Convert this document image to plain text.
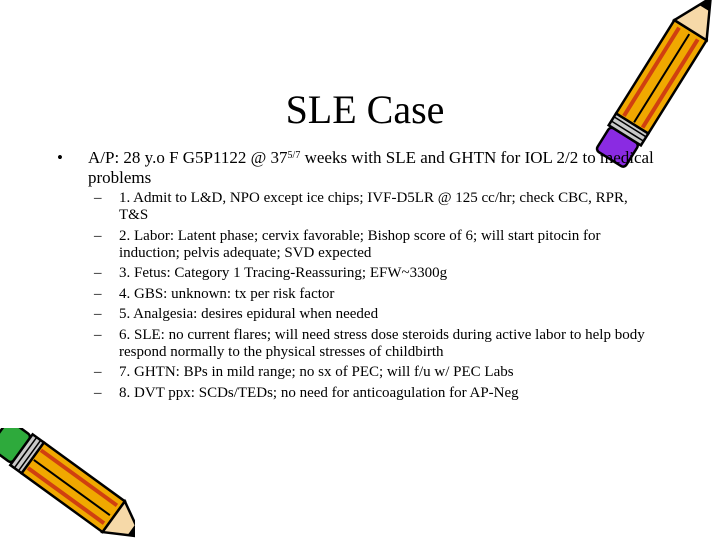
SLE Case
• A/P: 28 y.o F G5P1122 @ $37^{5/7}$ weeks with SLE and GHTN for IOL 2/2 to medical problems
– 1. Admit to L&D, NPO except ice chips; IVF-D5LR @ 125 cc/hr; check CBC, RPR, T&S
– 2. Labor: Latent phase; cervix favorable; Bishop score of 6; will start pitocin for induction; pelvis adequate; SVD expected
– 3. Fetus: Category 1 Tracing-Reassuring; EFW~3300g
– 4. GBS: unknown: tx per risk factor
– 5. Analgesia: desires epidural when needed
– 6. SLE: no current flares; will need stress dose steroids during active labor to help body respond normally to the physical stresses of childbirth
– 7. GHTN: BPs in mild range; no sx of PEC; will f/u w/ PEC Labs
– 8. DVT ppx: SCDs/TEDs; no need for anticoagulation for AP-Neg
